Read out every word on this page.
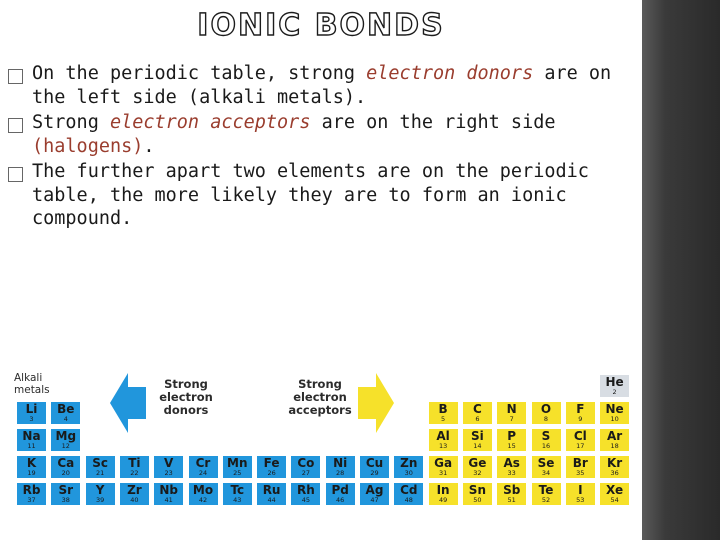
IONIC BONDS
On the periodic table, strong electron donors are on the left side (alkali metals).
Strong electron acceptors are on the right side (halogens).
The further apart two elements are on the periodic table, the more likely they are to form an ionic compound.
Alkali
metals	Strong
electron
donors
Strong
electron
acceptors
He
2
Li
3
Be
4
B
5
C
6
N
7
O
8
F
9
Ne
10
Na
11
Mg
12
Al
13
Si
14
P
15
S
16
Cl
17
Ar
18
K
19
Ca
20
Sc
21
Ti
22
V
23
Cr
24
Mn
25
Fe
26
Co
27
Ni
28
Cu
29
Zn
30
Ga
31
Ge
32
As
33
Se
34
Br
35
Kr
36
Rb
37
Sr
38
Y
39
Zr
40
Nb
41
Mo
42
Tc
43
Ru
44
Rh
45
Pd
46
Ag
47
Cd
48
In
49
Sn
50
Sb
51
Te
52
I
53
Xe
54
